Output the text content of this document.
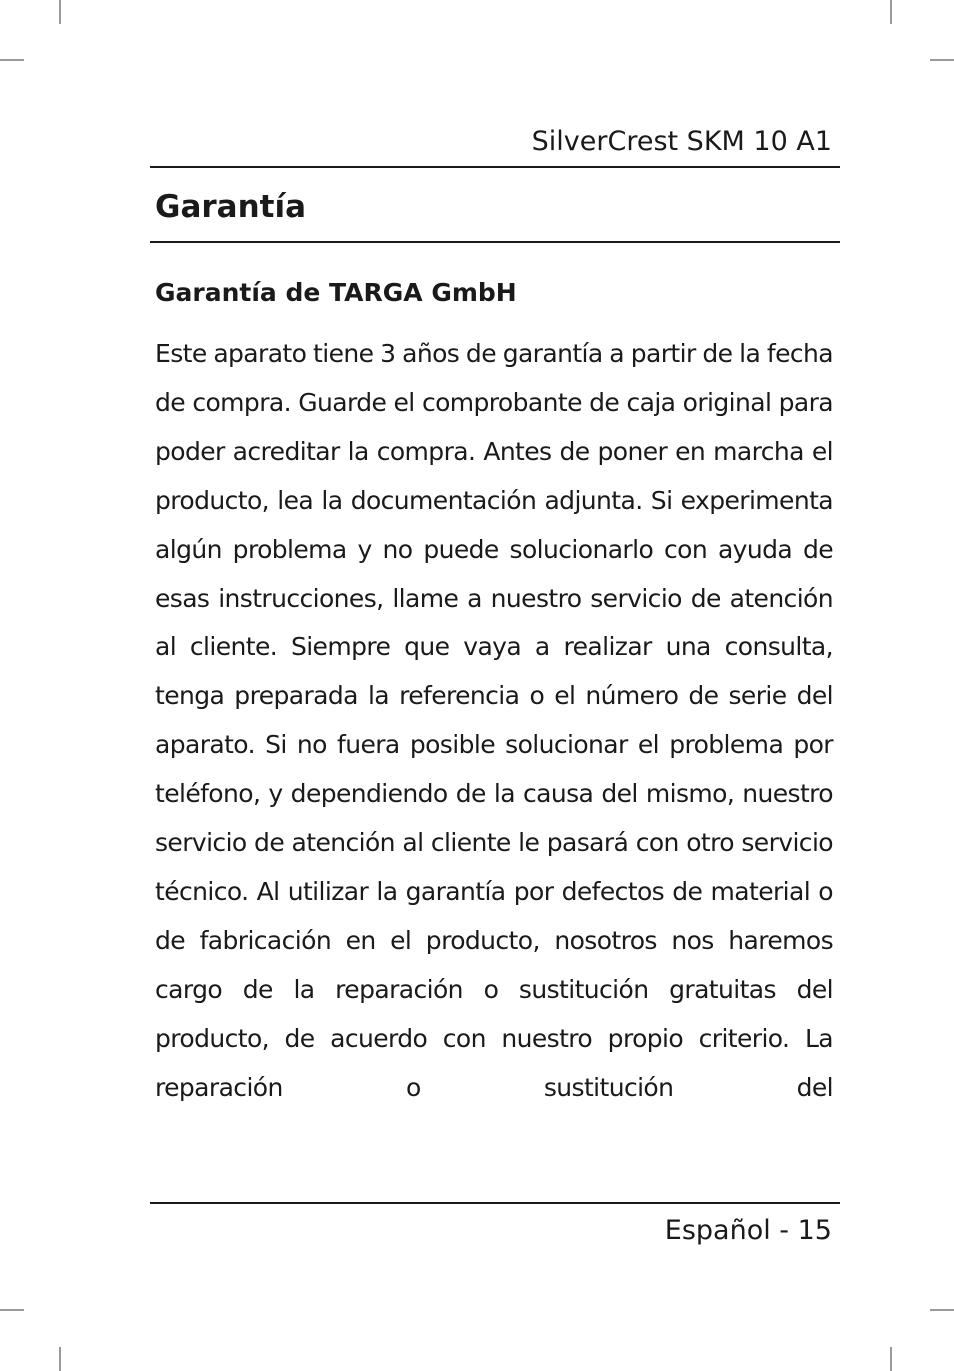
SilverCrest SKM 10 A1
Garantía
Garantía de TARGA GmbH

Este aparato tiene 3 años de garantía a partir de la fecha de compra. Guarde el comprobante de caja original para poder acreditar la compra. Antes de poner en marcha el producto, lea la documentación adjunta. Si experimenta algún problema y no puede solucionarlo con ayuda de esas instrucciones, llame a nuestro servicio de atención al cliente. Siempre que vaya a realizar una consulta, tenga preparada la referencia o el número de serie del aparato. Si no fuera posible solucionar el problema por teléfono, y dependiendo de la causa del mismo, nuestro servicio de atención al cliente le pasará con otro servicio técnico. Al utilizar la garantía por defectos de material o de fabricación en el producto, nosotros nos haremos cargo de la reparación o sustitución gratuitas del producto, de acuerdo con nuestro propio criterio. La reparación o sustitución del

Español - 15
